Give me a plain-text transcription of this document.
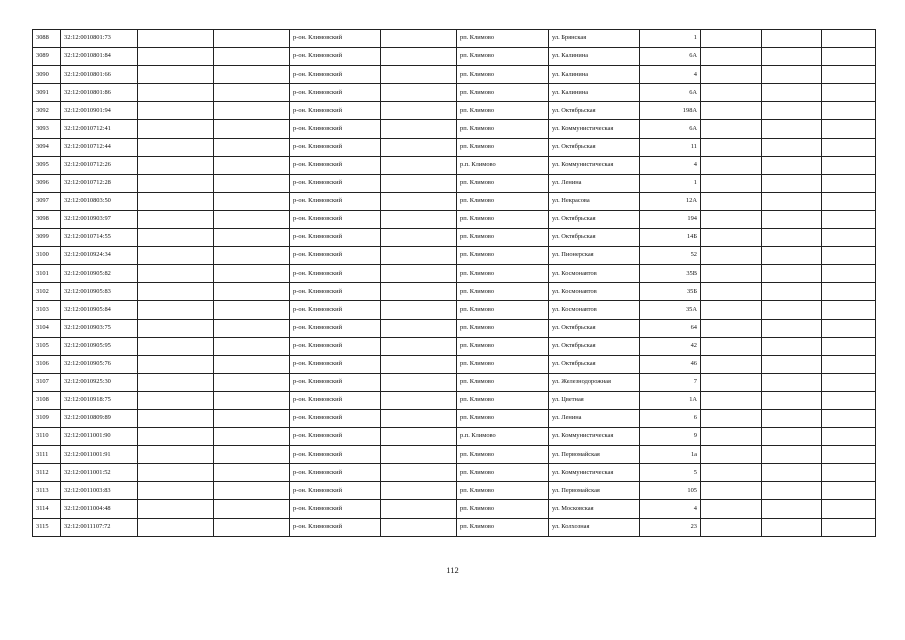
3088	32:12:0010801:73			р-он. Климовский		рп. Климово	ул. Брянская	1			
3089	32:12:0010801:84			р-он. Климовский		рп. Климово	ул. Калинина	6А			
3090	32:12:0010801:66			р-он. Климовский		рп. Климово	ул. Калинина	4			
3091	32:12:0010801:86			р-он. Климовский		рп. Климово	ул. Калинина	6А			
3092	32:12:0010901:94			р-он. Климовский		рп. Климово	ул. Октябрьская	198А			
3093	32:12:0010712:41			р-он. Климовский		рп. Климово	ул. Коммунистическая	6А			
3094	32:12:0010712:44			р-он. Климовский		рп. Климово	ул. Октябрьская	11			
3095	32:12:0010712:26			р-он. Климовский		р.п. Климово	ул. Коммунистическая	4			
3096	32:12:0010712:28			р-он. Климовский		рп. Климово	ул. Ленина	1			
3097	32:12:0010803:50			р-он. Климовский		рп. Климово	ул. Некрасова	12А			
3098	32:12:0010903:97			р-он. Климовский		рп. Климово	ул. Октябрьская	194			
3099	32:12:0010714:55			р-он. Климовский		рп. Климово	ул. Октябрьская	14Б			
3100	32:12:0010924:34			р-он. Климовский		рп. Климово	ул. Пионерская	52			
3101	32:12:0010905:82			р-он. Климовский		рп. Климово	ул. Космонавтов	35В			
3102	32:12:0010905:83			р-он. Климовский		рп. Климово	ул. Космонавтов	35Б			
3103	32:12:0010905:84			р-он. Климовский		рп. Климово	ул. Космонавтов	35А			
3104	32:12:0010903:75			р-он. Климовский		рп. Климово	ул. Октябрьская	64			
3105	32:12:0010905:95			р-он. Климовский		рп. Климово	ул. Октябрьская	42			
3106	32:12:0010905:76			р-он. Климовский		рп. Климово	ул. Октябрьская	46			
3107	32:12:0010925:30			р-он. Климовский		рп. Климово	ул. Железнодорожная	7			
3108	32:12:0010918:75			р-он. Климовский		рп. Климово	ул. Цветная	1А			
3109	32:12:0010809:89			р-он. Климовский		рп. Климово	ул. Ленина	6			
3110	32:12:0011001:90			р-он. Климовский		р.п. Климово	ул. Коммунистическая	9			
3111	32:12:0011001:91			р-он. Климовский		рп. Климово	ул. Первомайская	1а			
3112	32:12:0011001:52			р-он. Климовский		рп. Климово	ул. Коммунистическая	5			
3113	32:12:0011003:83			р-он. Климовский		рп. Климово	ул. Первомайская	105			
3114	32:12:0011004:48			р-он. Климовский		рп. Климово	ул. Московская	4			
3115	32:12:0011107:72			р-он. Климовский		рп. Климово	ул. Колхозная	23			
112
